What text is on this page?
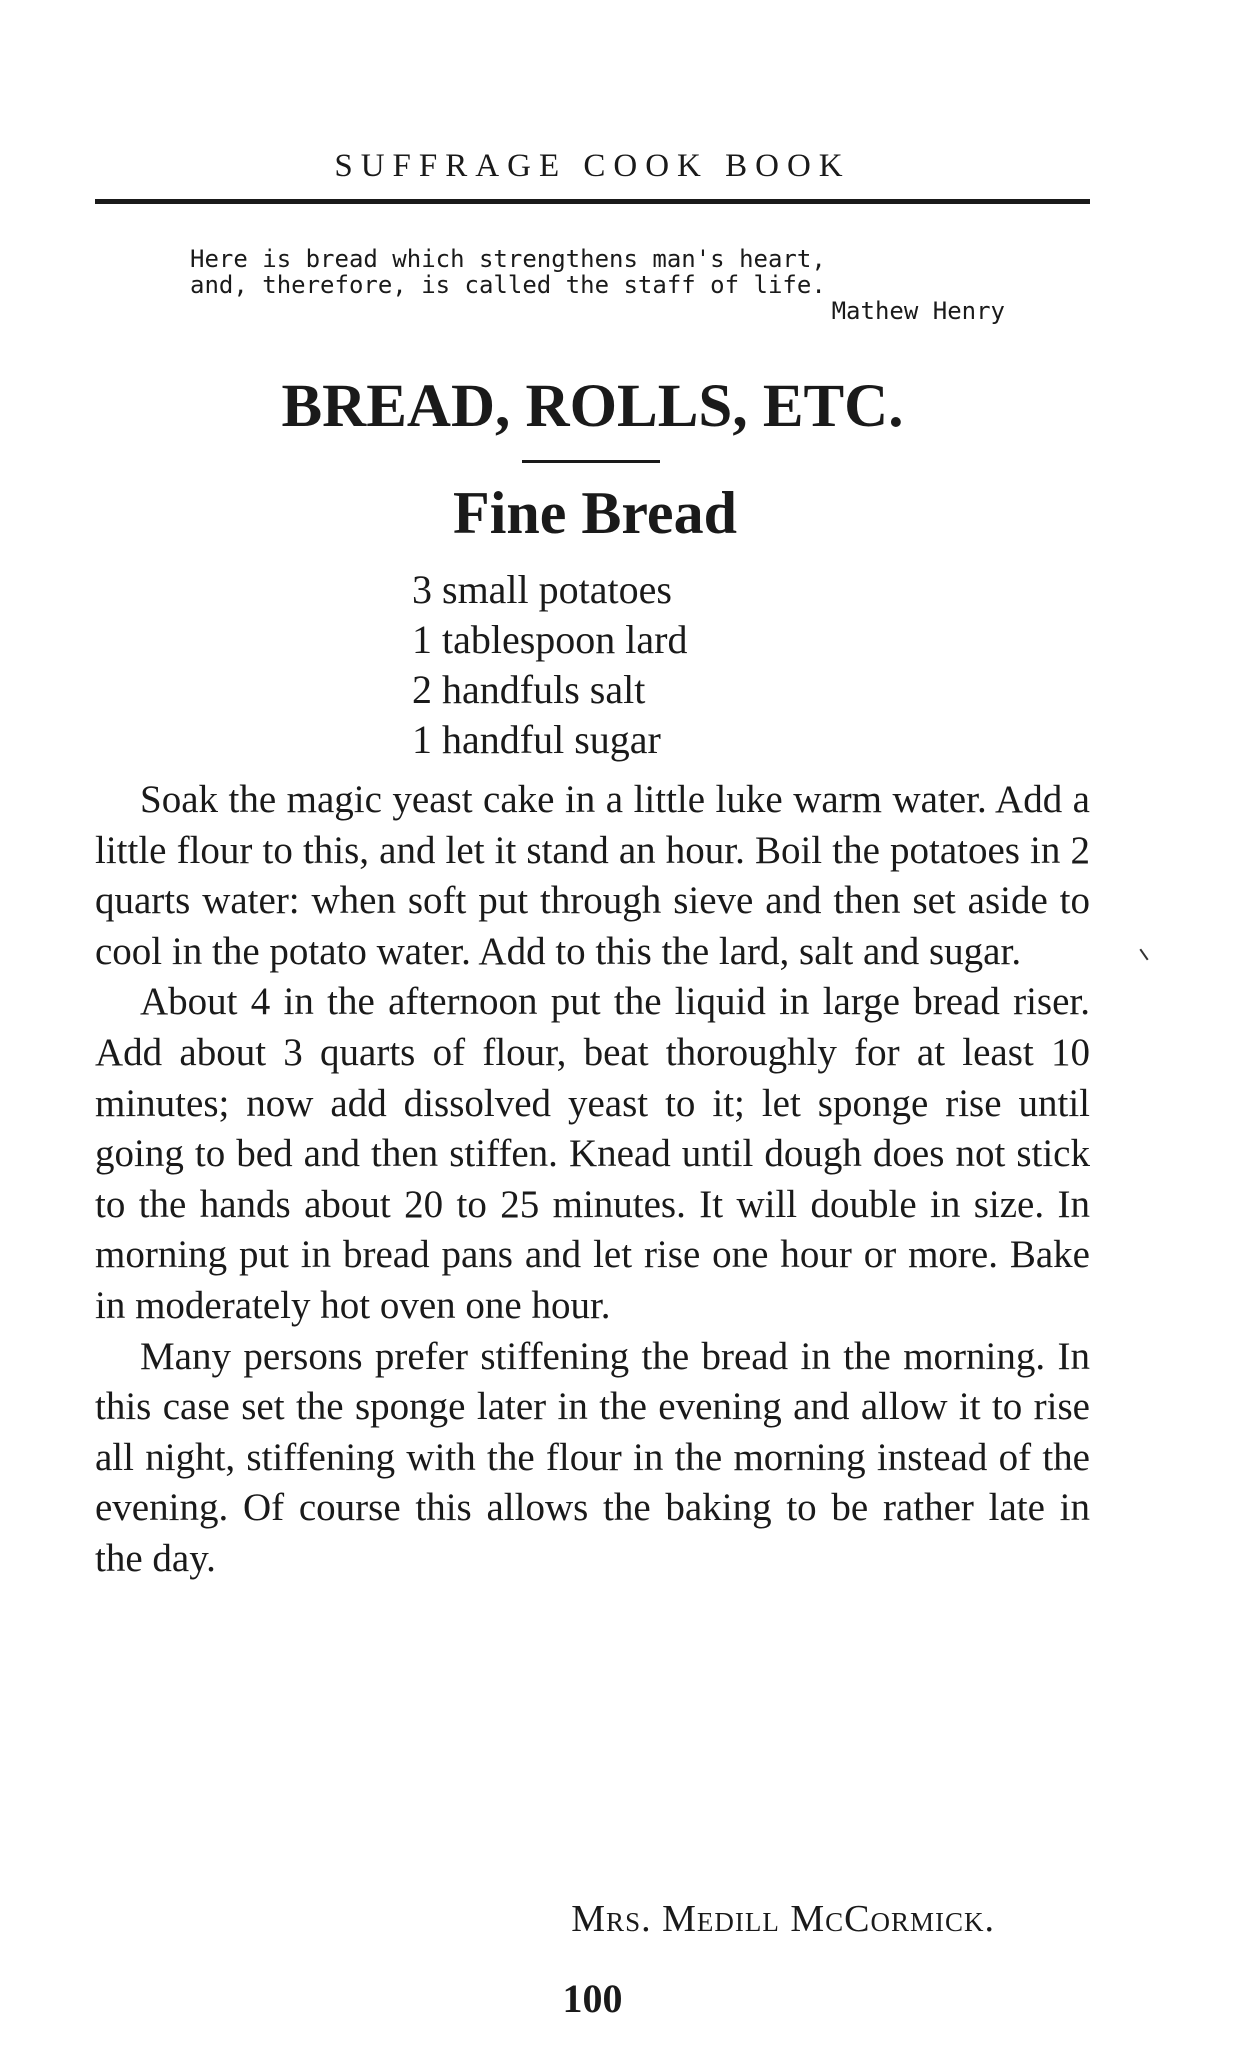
SUFFRAGE COOK BOOK
Here is bread which strengthens man's heart,
and, therefore, is called the staff of life.
Mathew Henry
BREAD, ROLLS, ETC.
Fine Bread
3 small potatoes
1 tablespoon lard
2 handfuls salt
1 handful sugar

Soak the magic yeast cake in a little luke warm water. Add a little flour to this, and let it stand an hour. Boil the potatoes in 2 quarts water: when soft put through sieve and then set aside to cool in the potato water. Add to this the lard, salt and sugar.

About 4 in the afternoon put the liquid in large bread riser. Add about 3 quarts of flour, beat thoroughly for at least 10 minutes; now add dissolved yeast to it; let sponge rise until going to bed and then stiffen. Knead until dough does not stick to the hands about 20 to 25 minutes. It will double in size. In morning put in bread pans and let rise one hour or more. Bake in moderately hot oven one hour.

Many persons prefer stiffening the bread in the morning. In this case set the sponge later in the evening and allow it to rise all night, stiffening with the flour in the morning instead of the evening. Of course this allows the baking to be rather late in the day.

Mrs. Medill McCormick.
100
